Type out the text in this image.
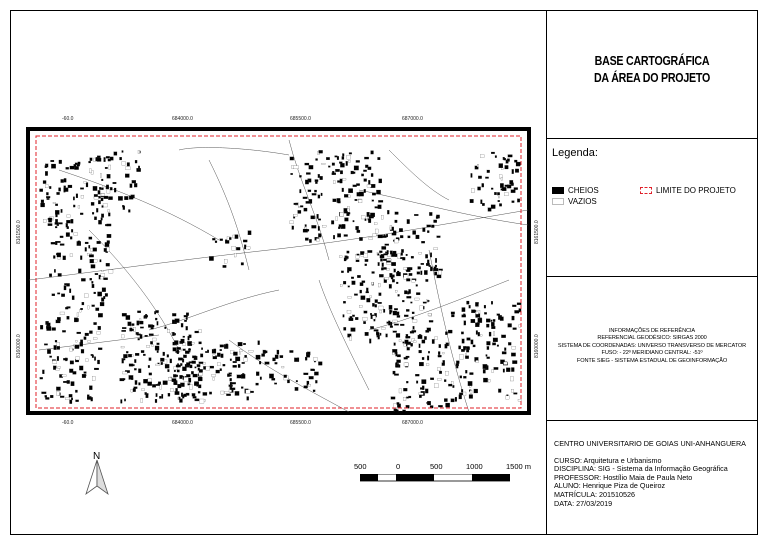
BASE CARTOGRÁFICA
DA ÁREA DO PROJETO
Legenda:
CHEIOS
VAZIOS
LIMITE DO PROJETO
INFORMAÇÕES DE REFERÊNCIA
REFERENCIAL GEODÉSICO: SIRGAS 2000
SISTEMA DE COORDENADAS: UNIVERSO TRANSVERSO DE MERCATOR
FUSO: - 22º MERIDIANO CENTRAL: -51º
FONTE SIEG - SISTEMA ESTADUAL DE GEOINFORMAÇÃO
CENTRO UNIVERSITARIO DE GOIAS UNI-ANHANGUERA
CURSO: Arquitetura e Urbanismo
DISCIPLINA: SIG - Sistema da Informação Geográfica
PROFESSOR: Hostílio Maia de Paula Neto
ALUNO: Henrique Piza de Queiroz
MATRÍCULA: 201510526
DATA: 27/03/2019
-60.0	684000.0	685500.0	687000.0
-60.0	684000.0	685500.0	687000.0
8161500.0
8160000.0
8161500.0
8160000.0
N
500	0	500	1000	1500 m
